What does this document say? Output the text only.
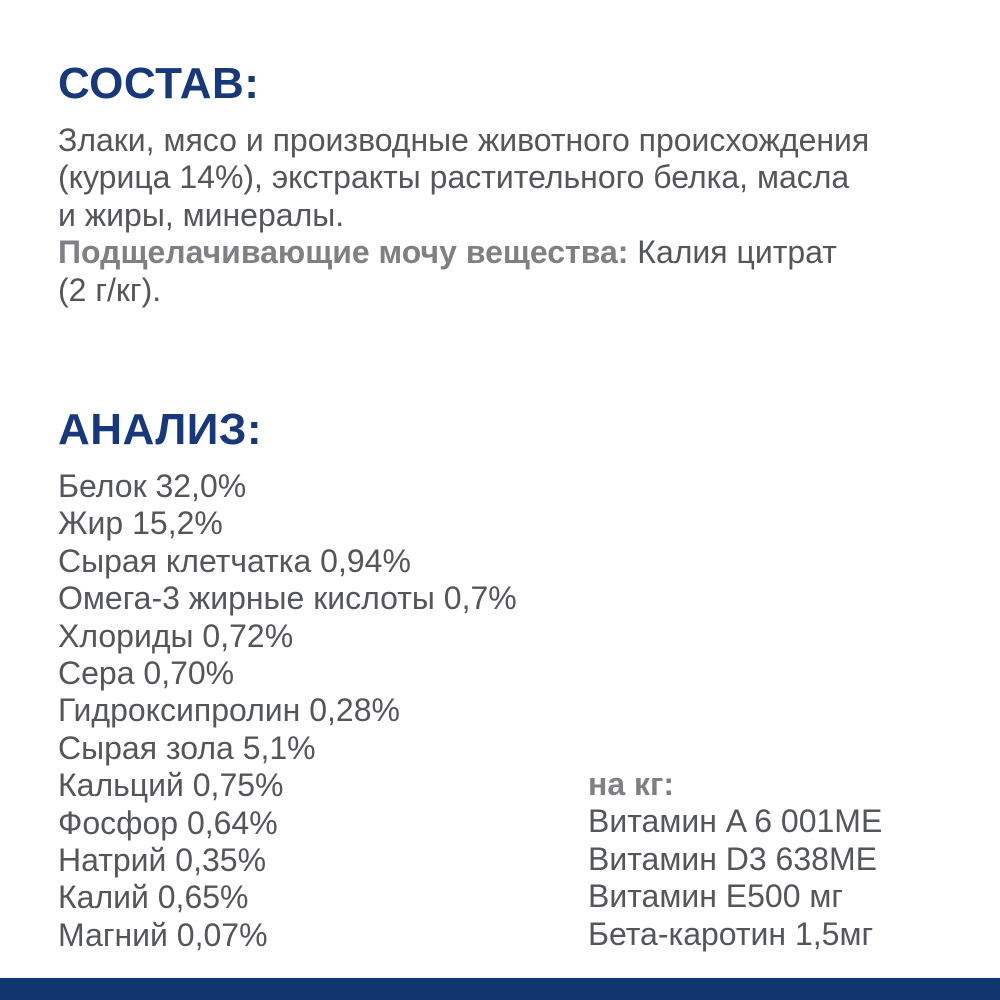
СОСТАВ:
Злаки, мясо и производные животного происхождения
(курица 14%), экстракты растительного белка, масла
и жиры, минералы.
Подщелачивающие мочу вещества: Калия цитрат
(2 г/кг).
АНАЛИЗ:
Белок 32,0%
Жир 15,2%
Сырая клетчатка 0,94%
Омега-3 жирные кислоты 0,7%
Хлориды 0,72%
Сера 0,70%
Гидроксипролин 0,28%
Сырая зола 5,1%
Кальций 0,75%
Фосфор 0,64%
Натрий 0,35%
Калий 0,65%
Магний 0,07%
на кг:
Витамин A 6 001МЕ
Витамин D3 638МЕ
Витамин E500 мг
Бета-каротин 1,5мг
